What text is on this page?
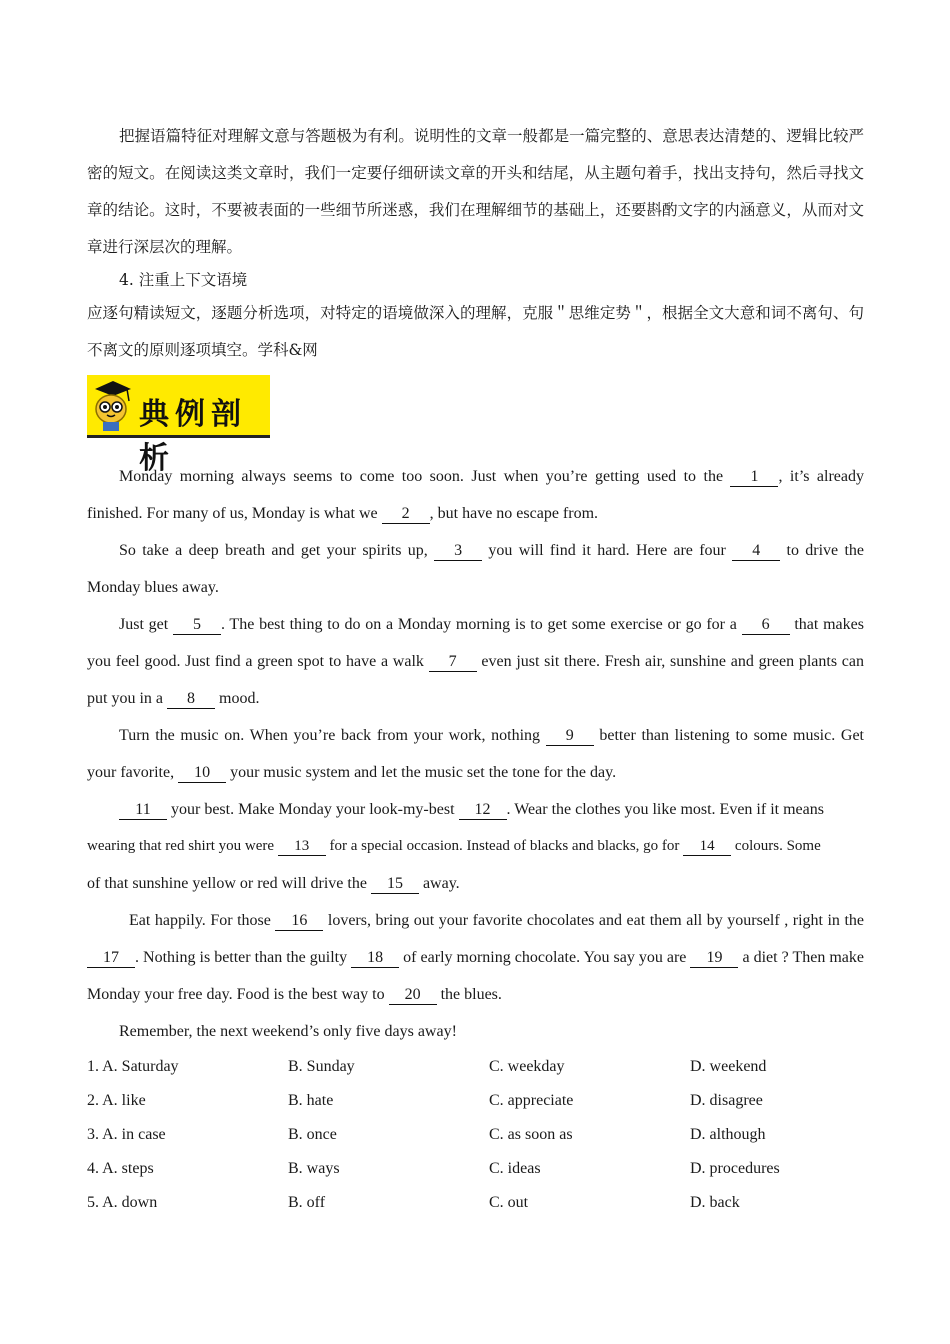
把握语篇特征对理解文意与答题极为有利。说明性的文章一般都是一篇完整的、意思表达清楚的、逻辑比较严密的短文。在阅读这类文章时，我们一定要仔细研读文章的开头和结尾，从主题句着手，找出支持句，然后寻找文章的结论。这时，不要被表面的一些细节所迷惑，我们在理解细节的基础上，还要斟酌文字的内涵意义，从而对文章进行深层次的理解。

4. 注重上下文语境

应逐句精读短文，逐题分析选项，对特定的语境做深入的理解，克服＂思维定势＂，根据全文大意和词不离句、句不离文的原则逐项填空。学科&网

典例剖析

Monday morning always seems to come too soon. Just when you’re getting used to the 1 , it’s already finished. For many of us, Monday is what we 2 , but have no escape from.

So take a deep breath and get your spirits up, 3 you will find it hard. Here are four 4 to drive the Monday blues away.

Just get 5 . The best thing to do on a Monday morning is to get some exercise or go for a 6 that makes you feel good. Just find a green spot to have a walk 7 even just sit there. Fresh air, sunshine and green plants can put you in a 8 mood.

Turn the music on. When you’re back from your work, nothing 9 better than listening to some music. Get your favorite, 10 your music system and let the music set the tone for the day.

11 your best. Make Monday your look-my-best 12 . Wear the clothes you like most. Even if it means

wearing that red shirt you were 13 for a special occasion. Instead of blacks and blacks, go for 14 colours. Some

of that sunshine yellow or red will drive the 15 away.

Eat happily. For those 16 lovers, bring out your favorite chocolates and eat them all by yourself , right in the 17 . Nothing is better than the guilty 18 of early morning chocolate. You say you are 19 a diet ? Then make Monday your free day. Food is the best way to 20 the blues.

Remember, the next weekend’s only five days away!

1. A. Saturday	B. Sunday	C. weekday	D. weekend
2. A. like	B. hate	C. appreciate	D. disagree
3. A. in case	B. once	C. as soon as	D. although
4. A. steps	B. ways	C. ideas	D. procedures
5. A. down	B. off	C. out	D. back
